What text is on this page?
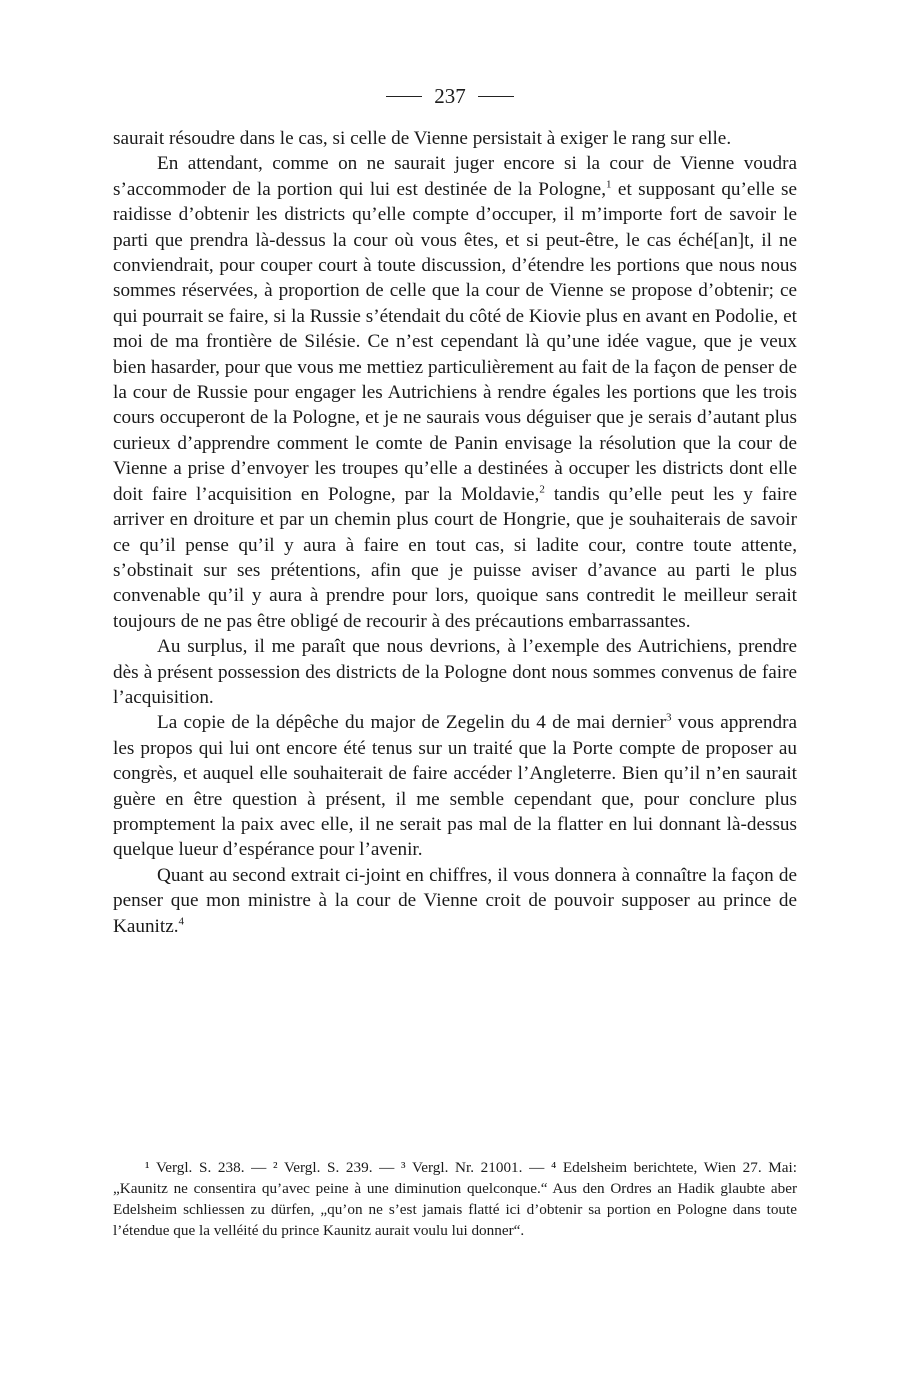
237

saurait résoudre dans le cas, si celle de Vienne persistait à exiger le rang sur elle.

En attendant, comme on ne saurait juger encore si la cour de Vienne voudra s’accommoder de la portion qui lui est destinée de la Pologne,$^1$ et supposant qu’elle se raidisse d’obtenir les districts qu’elle compte d’occuper, il m’importe fort de savoir le parti que prendra là-dessus la cour où vous êtes, et si peut-être, le cas éché[an]t, il ne conviendrait, pour couper court à toute discussion, d’étendre les portions que nous nous sommes réservées, à proportion de celle que la cour de Vienne se propose d’obtenir; ce qui pourrait se faire, si la Russie s’étendait du côté de Kiovie plus en avant en Podolie, et moi de ma frontière de Silésie. Ce n’est cependant là qu’une idée vague, que je veux bien hasarder, pour que vous me mettiez particulièrement au fait de la façon de penser de la cour de Russie pour engager les Autrichiens à rendre égales les portions que les trois cours occuperont de la Pologne, et je ne saurais vous déguiser que je serais d’autant plus curieux d’apprendre comment le comte de Panin envisage la résolution que la cour de Vienne a prise d’envoyer les troupes qu’elle a destinées à occuper les districts dont elle doit faire l’acquisition en Pologne, par la Moldavie,$^2$ tandis qu’elle peut les y faire arriver en droiture et par un chemin plus court de Hongrie, que je souhaiterais de savoir ce qu’il pense qu’il y aura à faire en tout cas, si ladite cour, contre toute attente, s’obstinait sur ses prétentions, afin que je puisse aviser d’avance au parti le plus convenable qu’il y aura à prendre pour lors, quoique sans contredit le meilleur serait toujours de ne pas être obligé de recourir à des précautions embarrassantes.

Au surplus, il me paraît que nous devrions, à l’exemple des Autrichiens, prendre dès à présent possession des districts de la Pologne dont nous sommes convenus de faire l’acquisition.

La copie de la dépêche du major de Zegelin du 4 de mai dernier$^3$ vous apprendra les propos qui lui ont encore été tenus sur un traité que la Porte compte de proposer au congrès, et auquel elle souhaiterait de faire accéder l’Angleterre. Bien qu’il n’en saurait guère en être question à présent, il me semble cependant que, pour conclure plus promptement la paix avec elle, il ne serait pas mal de la flatter en lui donnant là-dessus quelque lueur d’espérance pour l’avenir.

Quant au second extrait ci-joint en chiffres, il vous donnera à connaître la façon de penser que mon ministre à la cour de Vienne croit de pouvoir supposer au prince de Kaunitz.$^4$

¹ Vergl. S. 238. — ² Vergl. S. 239. — ³ Vergl. Nr. 21001. — ⁴ Edelsheim berichtete, Wien 27. Mai: „Kaunitz ne consentira qu’avec peine à une diminution quelconque.“ Aus den Ordres an Hadik glaubte aber Edelsheim schliessen zu dürfen, „qu’on ne s’est jamais flatté ici d’obtenir sa portion en Pologne dans toute l’étendue que la velléité du prince Kaunitz aurait voulu lui donner“.
